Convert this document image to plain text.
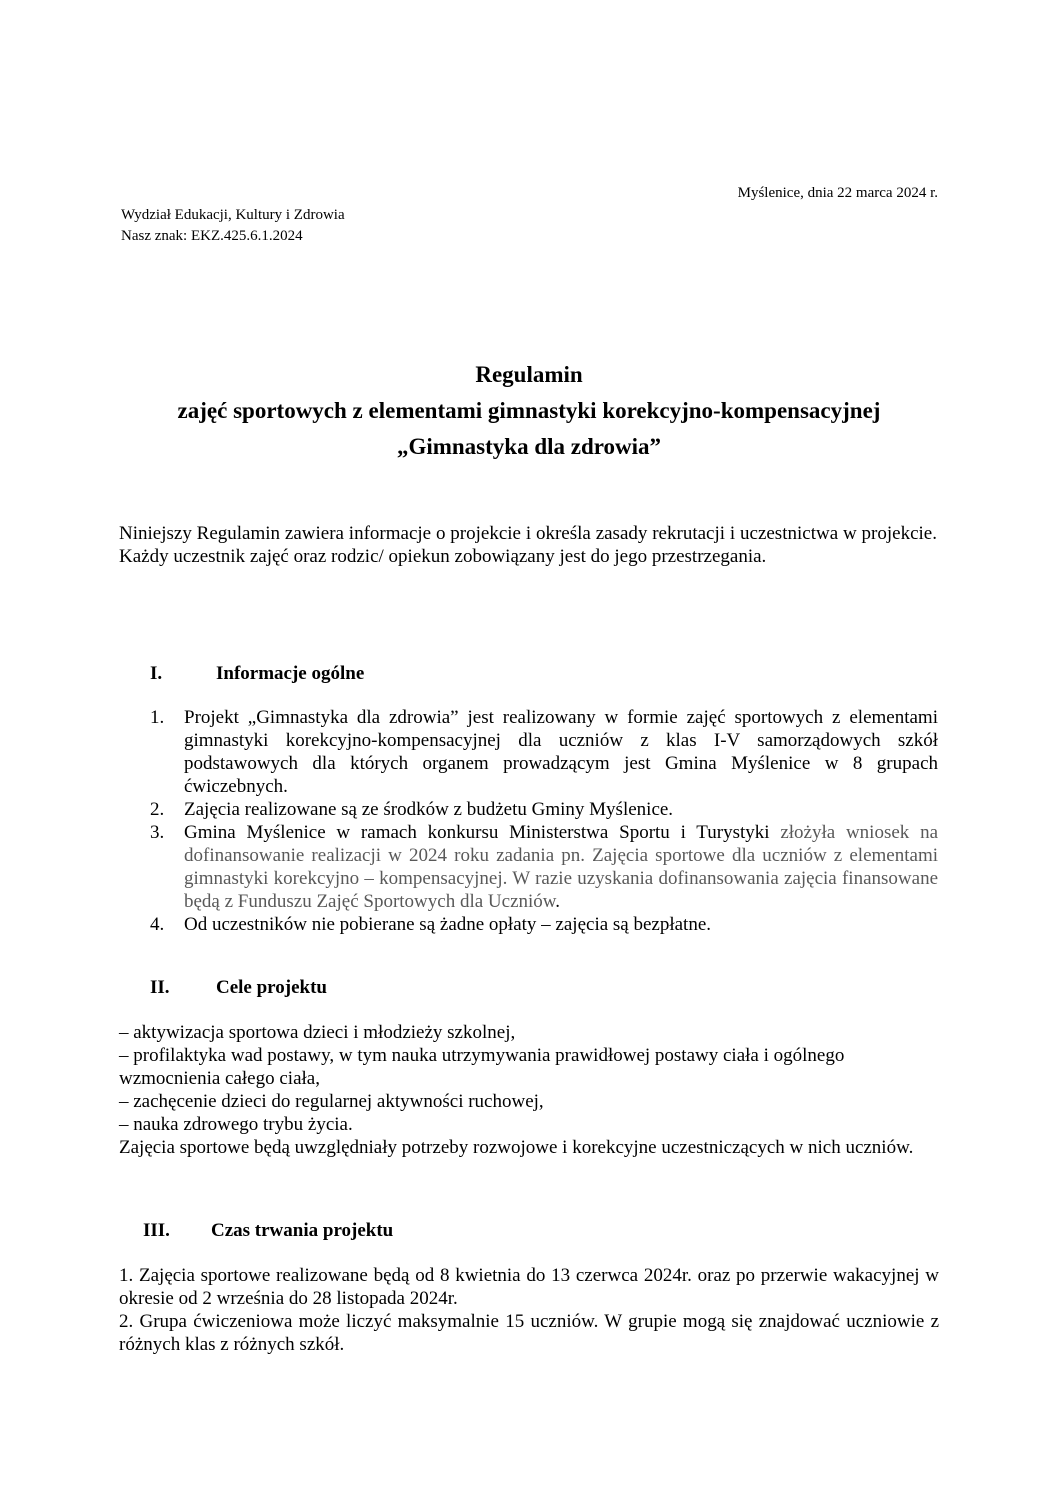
Myślenice, dnia 22 marca 2024 r.
Wydział Edukacji, Kultury i Zdrowia
Nasz znak: EKZ.425.6.1.2024
Regulamin
zajęć sportowych z elementami gimnastyki korekcyjno-kompensacyjnej
„Gimnastyka dla zdrowia”

Niniejszy Regulamin zawiera informacje o projekcie i określa zasady rekrutacji i uczestnictwa w projekcie. Każdy uczestnik zajęć oraz rodzic/ opiekun zobowiązany jest do jego przestrzegania.

I.	Informacje ogólne
1. Projekt „Gimnastyka dla zdrowia” jest realizowany w formie zajęć sportowych z elementami gimnastyki korekcyjno-kompensacyjnej dla uczniów z klas I-V samorządowych szkół podstawowych dla których organem prowadzącym jest Gmina Myślenice w 8 grupach ćwiczebnych.
2. Zajęcia realizowane są ze środków z budżetu Gminy Myślenice.
3. Gmina Myślenice w ramach konkursu Ministerstwa Sportu i Turystyki złożyła wniosek na dofinansowanie realizacji w 2024 roku zadania pn. Zajęcia sportowe dla uczniów z elementami gimnastyki korekcyjno – kompensacyjnej. W razie uzyskania dofinansowania zajęcia finansowane będą z Funduszu Zajęć Sportowych dla Uczniów.
4. Od uczestników nie pobierane są żadne opłaty – zajęcia są bezpłatne.
II. Cele projektu
– aktywizacja sportowa dzieci i młodzieży szkolnej,
– profilaktyka wad postawy, w tym nauka utrzymywania prawidłowej postawy ciała i ogólnego wzmocnienia całego ciała,
– zachęcenie dzieci do regularnej aktywności ruchowej,
– nauka zdrowego trybu życia.
Zajęcia sportowe będą uwzględniały potrzeby rozwojowe i korekcyjne uczestniczących w nich uczniów.
III. Czas trwania projektu

1. Zajęcia sportowe realizowane będą od 8 kwietnia do 13 czerwca 2024r. oraz po przerwie wakacyjnej w okresie od 2 września do 28 listopada 2024r.

2. Grupa ćwiczeniowa może liczyć maksymalnie 15 uczniów. W grupie mogą się znajdować uczniowie z różnych klas z różnych szkół.
